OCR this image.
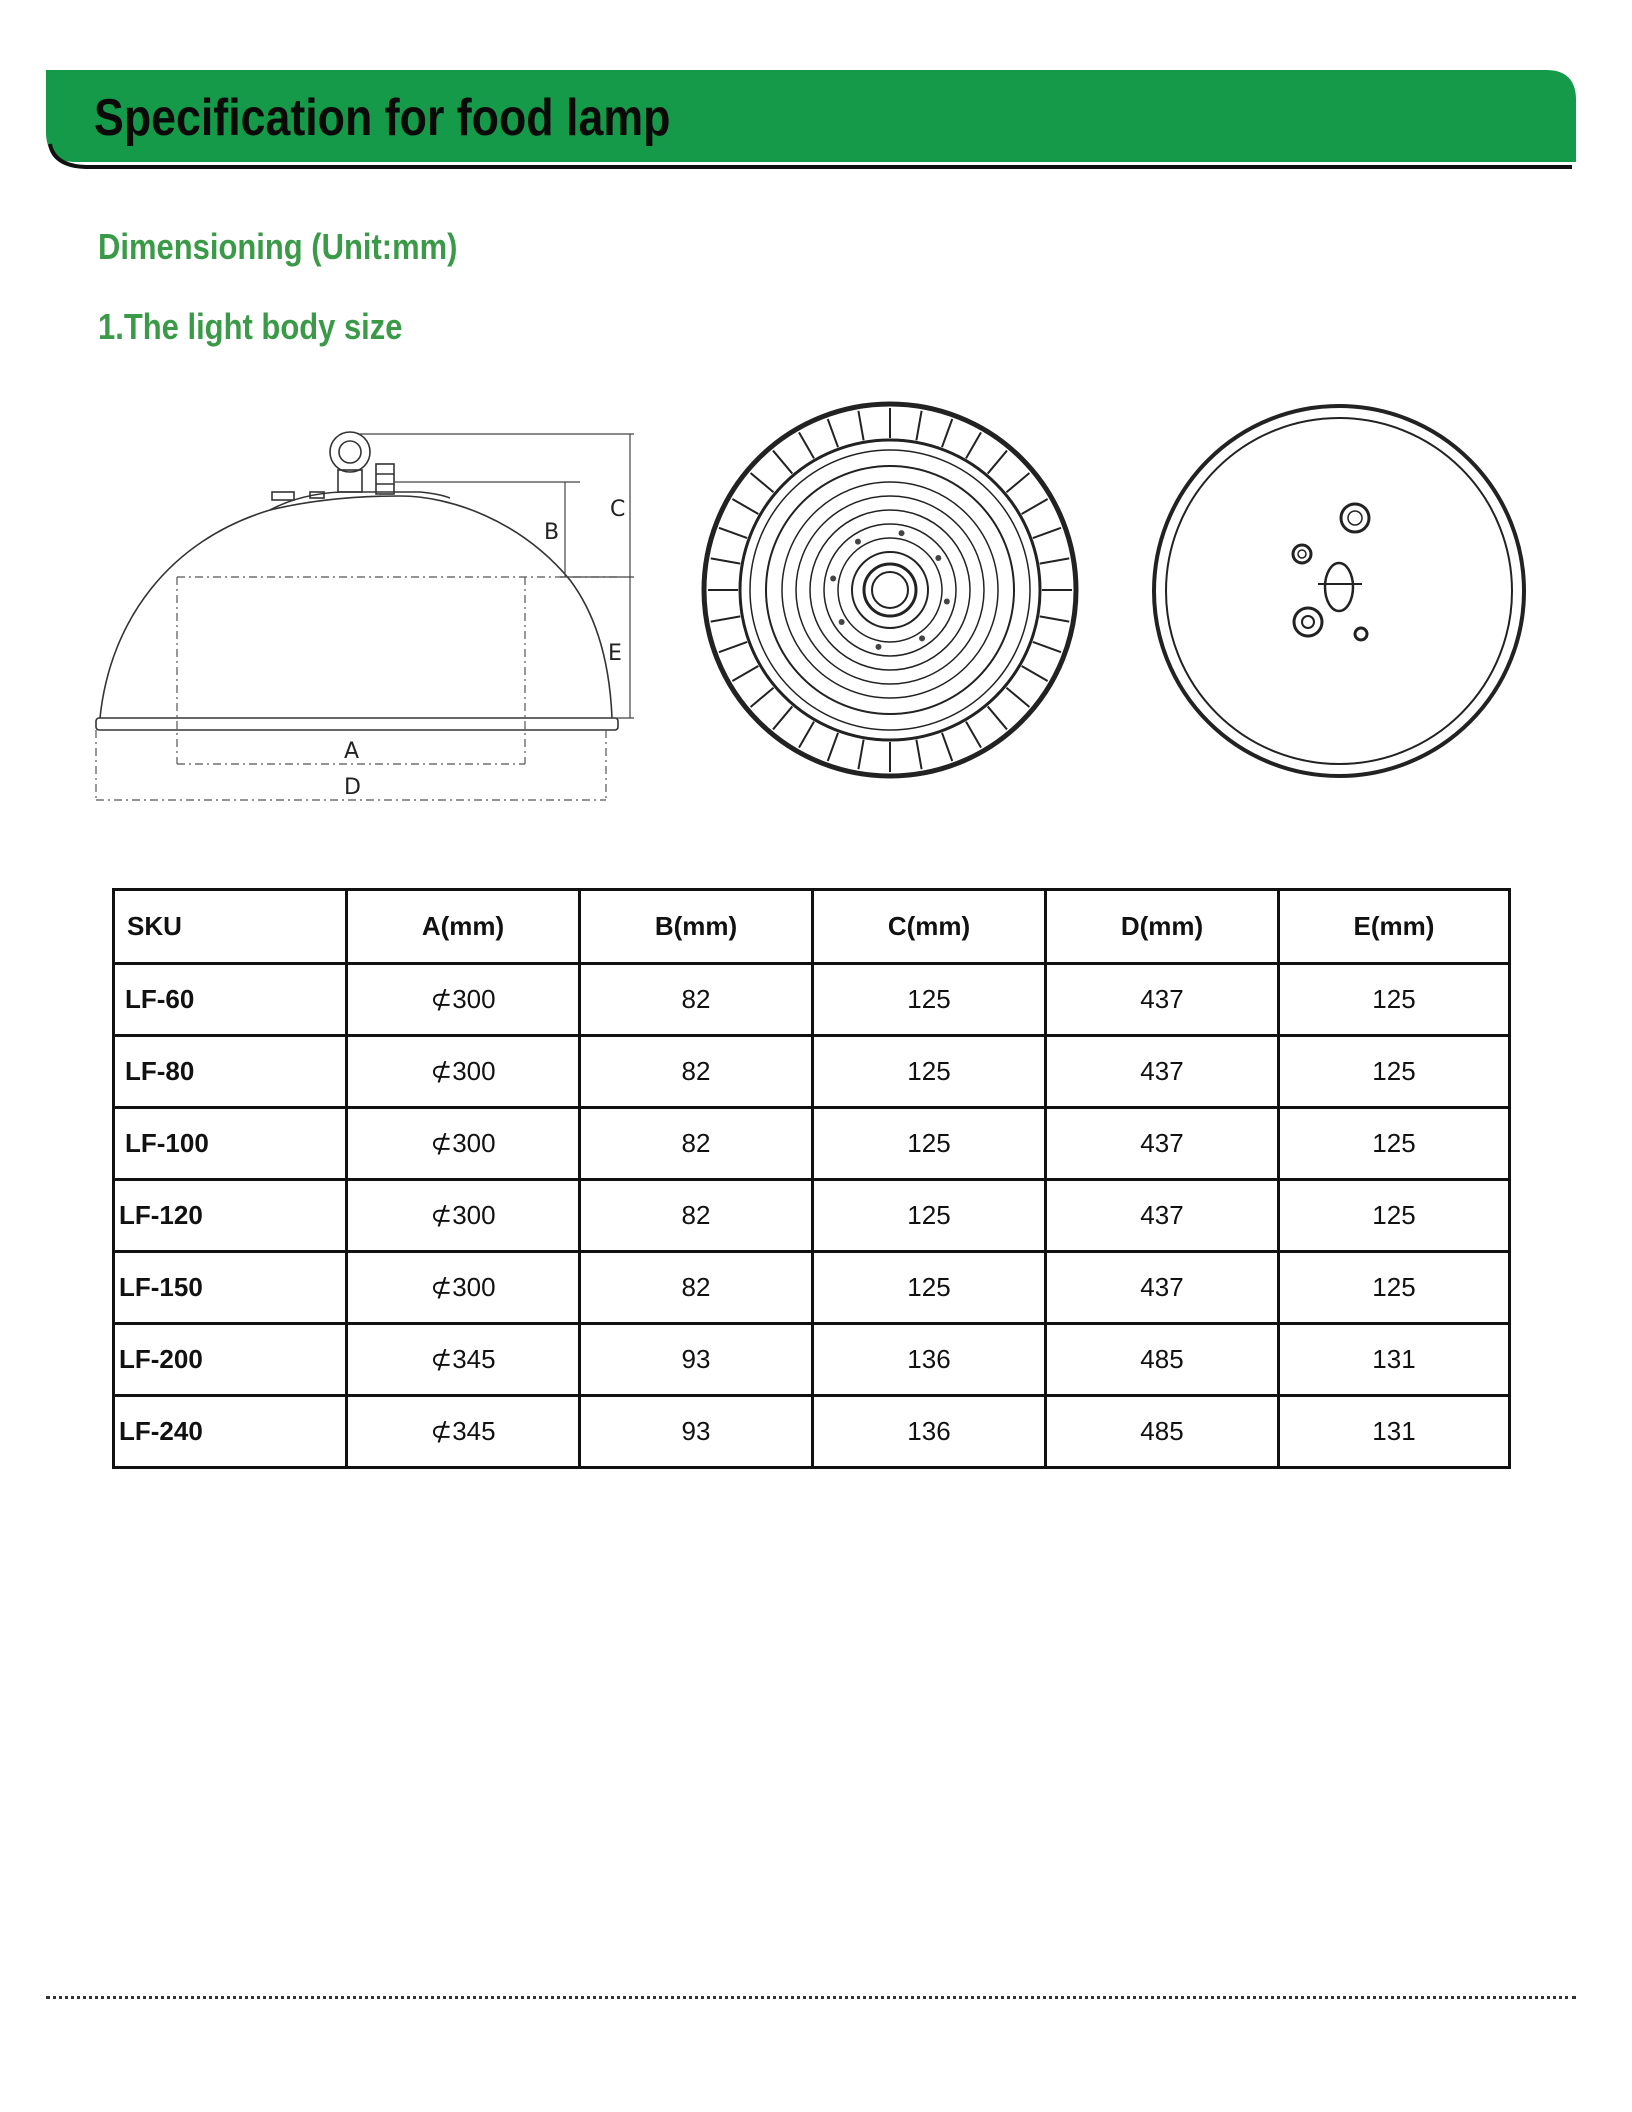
Specification for food lamp
Dimensioning (Unit:mm)
1.The light body size
B
C
E
A
D
SKU	A(mm)	B(mm)	C(mm)	D(mm)	E(mm)
LF-60	⊄300	82	125	437	125
LF-80	⊄300	82	125	437	125
LF-100	⊄300	82	125	437	125
LF-120	⊄300	82	125	437	125
LF-150	⊄300	82	125	437	125
LF-200	⊄345	93	136	485	131
LF-240	⊄345	93	136	485	131
